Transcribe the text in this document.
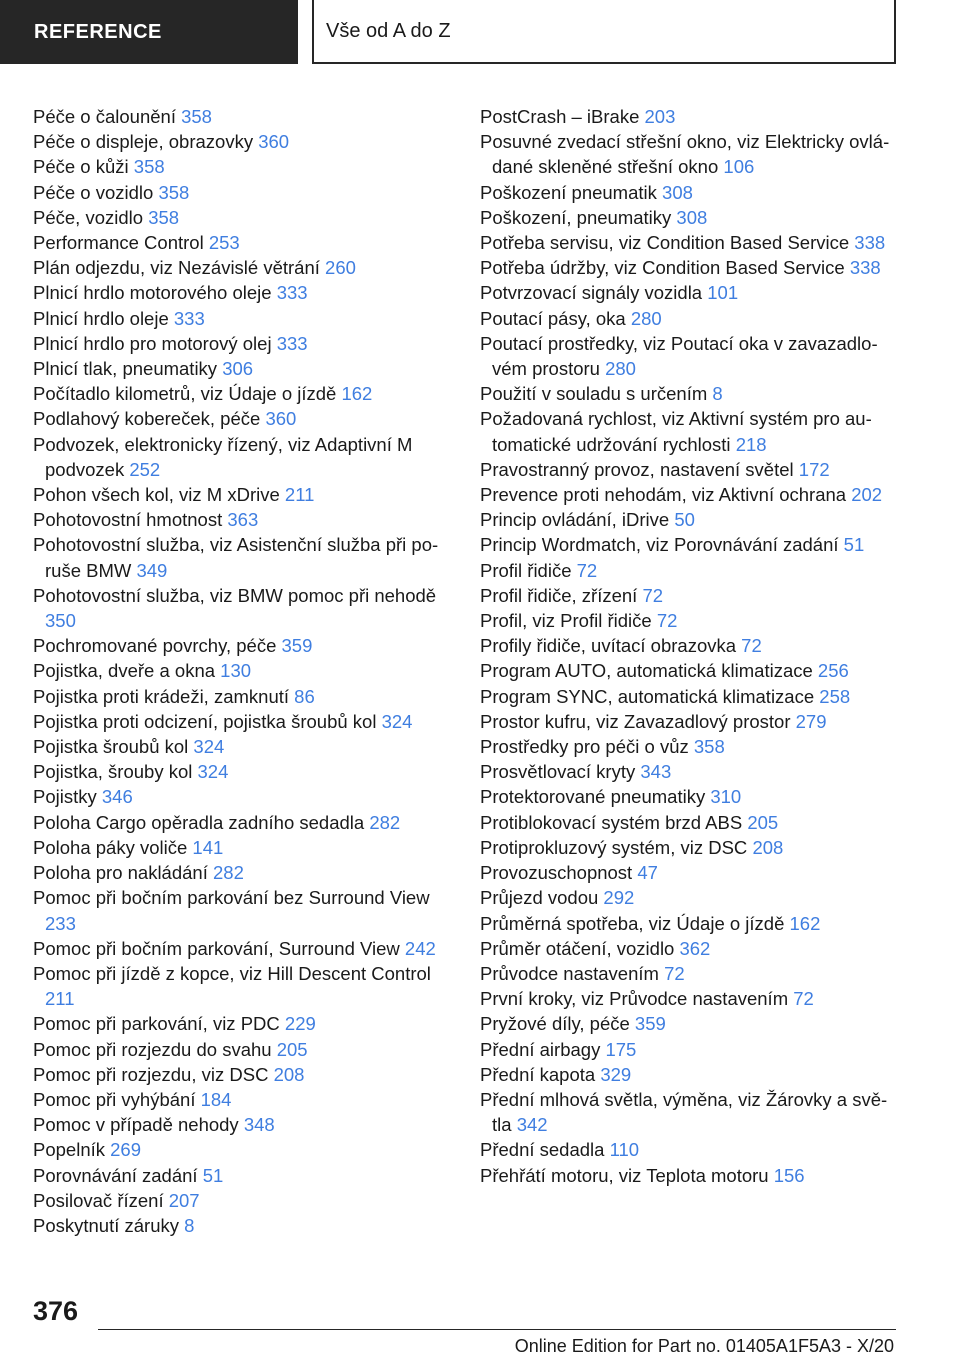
REFERENCE	Vše od A do Z
Péče o čalounění 358
Péče o displeje, obrazovky 360
Péče o kůži 358
Péče o vozidlo 358
Péče, vozidlo 358
Performance Control 253
Plán odjezdu, viz Nezávislé větrání 260
Plnicí hrdlo motorového oleje 333
Plnicí hrdlo oleje 333
Plnicí hrdlo pro motorový olej 333
Plnicí tlak, pneumatiky 306
Počítadlo kilometrů, viz Údaje o jízdě 162
Podlahový kobereček, péče 360
Podvozek, elektronicky řízený, viz Adaptivní M podvozek 252
Pohon všech kol, viz M xDrive 211
Pohotovostní hmotnost 363
Pohotovostní služba, viz Asistenční služba při poruše BMW 349
Pohotovostní služba, viz BMW pomoc při nehodě 350
Pochromované povrchy, péče 359
Pojistka, dveře a okna 130
Pojistka proti krádeži, zamknutí 86
Pojistka proti odcizení, pojistka šroubů kol 324
Pojistka šroubů kol 324
Pojistka, šrouby kol 324
Pojistky 346
Poloha Cargo opěradla zadního sedadla 282
Poloha páky voliče 141
Poloha pro nakládání 282
Pomoc při bočním parkování bez Surround View 233
Pomoc při bočním parkování, Surround View 242
Pomoc při jízdě z kopce, viz Hill Descent Control 211
Pomoc při parkování, viz PDC 229
Pomoc při rozjezdu do svahu 205
Pomoc při rozjezdu, viz DSC 208
Pomoc při vyhýbání 184
Pomoc v případě nehody 348
Popelník 269
Porovnávání zadání 51
Posilovač řízení 207
Poskytnutí záruky 8
PostCrash – iBrake 203
Posuvné zvedací střešní okno, viz Elektricky ovládané skleněné střešní okno 106
Poškození pneumatik 308
Poškození, pneumatiky 308
Potřeba servisu, viz Condition Based Service 338
Potřeba údržby, viz Condition Based Service 338
Potvrzovací signály vozidla 101
Poutací pásy, oka 280
Poutací prostředky, viz Poutací oka v zavazadlovém prostoru 280
Použití v souladu s určením 8
Požadovaná rychlost, viz Aktivní systém pro automatické udržování rychlosti 218
Pravostranný provoz, nastavení světel 172
Prevence proti nehodám, viz Aktivní ochrana 202
Princip ovládání, iDrive 50
Princip Wordmatch, viz Porovnávání zadání 51
Profil řidiče 72
Profil řidiče, zřízení 72
Profil, viz Profil řidiče 72
Profily řidiče, uvítací obrazovka 72
Program AUTO, automatická klimatizace 256
Program SYNC, automatická klimatizace 258
Prostor kufru, viz Zavazadlový prostor 279
Prostředky pro péči o vůz 358
Prosvětlovací kryty 343
Protektorované pneumatiky 310
Protiblokovací systém brzd ABS 205
Protiprokluzový systém, viz DSC 208
Provozuschopnost 47
Průjezd vodou 292
Průměrná spotřeba, viz Údaje o jízdě 162
Průměr otáčení, vozidlo 362
Průvodce nastavením 72
První kroky, viz Průvodce nastavením 72
Pryžové díly, péče 359
Přední airbagy 175
Přední kapota 329
Přední mlhová světla, výměna, viz Žárovky a světla 342
Přední sedadla 110
Přehřátí motoru, viz Teplota motoru 156
376
Online Edition for Part no. 01405A1F5A3 - X/20
